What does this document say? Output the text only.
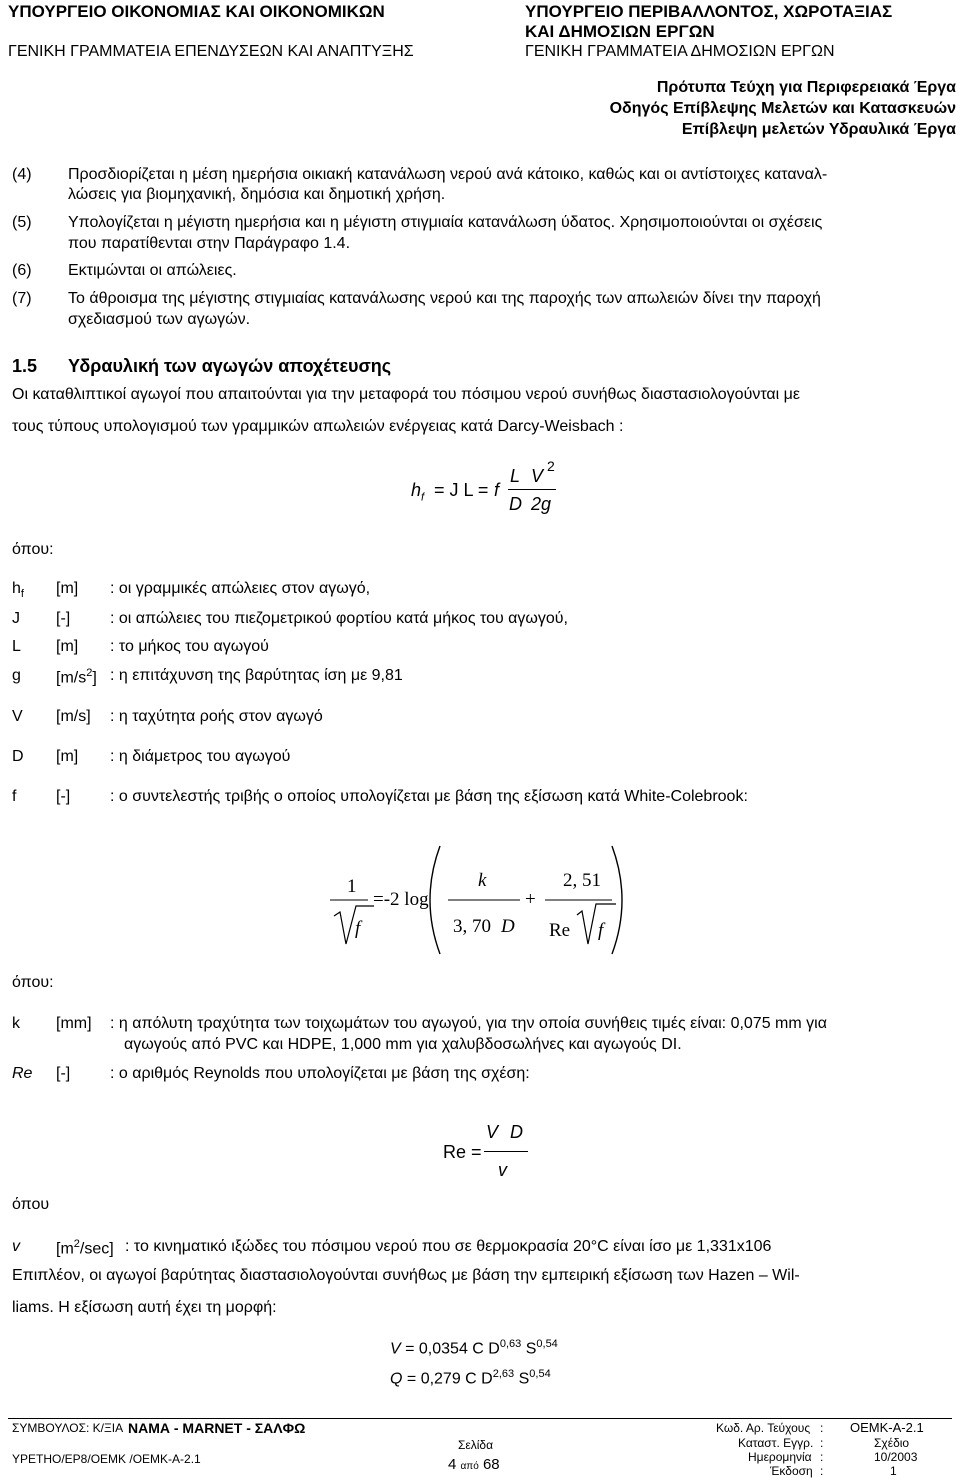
ΥΠΟΥΡΓΕΙΟ ΟΙΚΟΝΟΜΙΑΣ ΚΑΙ ΟΙΚΟΝΟΜΙΚΩΝ
ΓΕΝΙΚΗ ΓΡΑΜΜΑΤΕΙΑ ΕΠΕΝΔΥΣΕΩΝ ΚΑΙ ΑΝΑΠΤΥΞΗΣ
ΥΠΟΥΡΓΕΙΟ ΠΕΡΙΒΑΛΛΟΝΤΟΣ, ΧΩΡΟΤΑΞΙΑΣ
ΚΑΙ ΔΗΜΟΣΙΩΝ ΕΡΓΩΝ
ΓΕΝΙΚΗ ΓΡΑΜΜΑΤΕΙΑ ΔΗΜΟΣΙΩΝ ΕΡΓΩΝ
Πρότυπα Τεύχη για Περιφερειακά Έργα
Οδηγός Επίβλεψης Μελετών και Κατασκευών
Επίβλεψη μελετών Υδραυλικά Έργα
(4) Προσδιορίζεται η μέση ημερήσια οικιακή κατανάλωση νερού ανά κάτοικο, καθώς και οι αντίστοιχες καταναλ-
λώσεις για βιομηχανική, δημόσια και δημοτική χρήση.
(5) Υπολογίζεται η μέγιστη ημερήσια και η μέγιστη στιγμιαία κατανάλωση ύδατος. Χρησιμοποιούνται οι σχέσεις
που παρατίθενται στην Παράγραφο 1.4.
(6) Εκτιμώνται οι απώλειες.
(7) Το άθροισμα της μέγιστης στιγμιαίας κατανάλωσης νερού και της παροχής των απωλειών δίνει την παροχή
σχεδιασμού των αγωγών.
1.5 Υδραυλική των αγωγών αποχέτευσης
Οι καταθλιπτικοί αγωγοί που απαιτούνται για την μεταφορά του πόσιμου νερού συνήθως διαστασιολογούνται με
τους τύπους υπολογισμού των γραμμικών απωλειών ενέργειας κατά Darcy-Weisbach :
$h_f = J$ L = f
L V 2
D 2g
όπου:
$h_f$ [m] : οι γραμμικές απώλειες στον αγωγό,
J [-] : οι απώλειες του πιεζομετρικού φορτίου κατά μήκος του αγωγού,
L [m] : το μήκος του αγωγού
g $[m/s^2]$ : η επιτάχυνση της βαρύτητας ίση με 9,81
V [m/s] : η ταχύτητα ροής στον αγωγό
D [m] : η διάμετρος του αγωγού
f [-] : ο συντελεστής τριβής ο οποίος υπολογίζεται με βάση της εξίσωση κατά White-Colebrook:
1
f
=-2 log
k
3, 70 D
+
2, 51
Re f
όπου:
k [mm] : η απόλυτη τραχύτητα των τοιχωμάτων του αγωγού, για την οποία συνήθεις τιμές είναι: 0,075 mm για
αγωγούς από PVC και HDPE, 1,000 mm για χαλυβδοσωλήνες και αγωγούς DI.
Re [-] : ο αριθμός Reynolds που υπολογίζεται με βάση της σχέση:
Re =
V D
v
όπου
v $[m^2/\sec]$ : το κινηματικό ιξώδες του πόσιμου νερού που σε θερμοκρασία 20°C είναι ίσο με 1,331x106
Επιπλέον, οι αγωγοί βαρύτητας διαστασιολογούνται συνήθως με βάση την εμπειρική εξίσωση των Hazen – Wil-
liams. Η εξίσωση αυτή έχει τη μορφή:
V = 0,0354 C D$^{0,63}$ S$^{0,54}$
Q = 0,279 C D$^{2,63}$ S$^{0,54}$
ΣΥΜΒΟΥΛΟΣ: Κ/ΞΙΑ ΝΑΜΑ - MARNET - ΣΑΛΦΩ	Κωδ. Αρ. Τεύχους : OEMK-A-2.1
ΥΡΕΤΗΟ/ΕΡ8/ΟΕΜΚ /ΟΕΜΚ-Α-2.1
Σελίδα
4 από 68
Καταστ. Εγγρ. :	Σχέδιο
Ημερομηνία :	10/2003
Έκδοση :	1
